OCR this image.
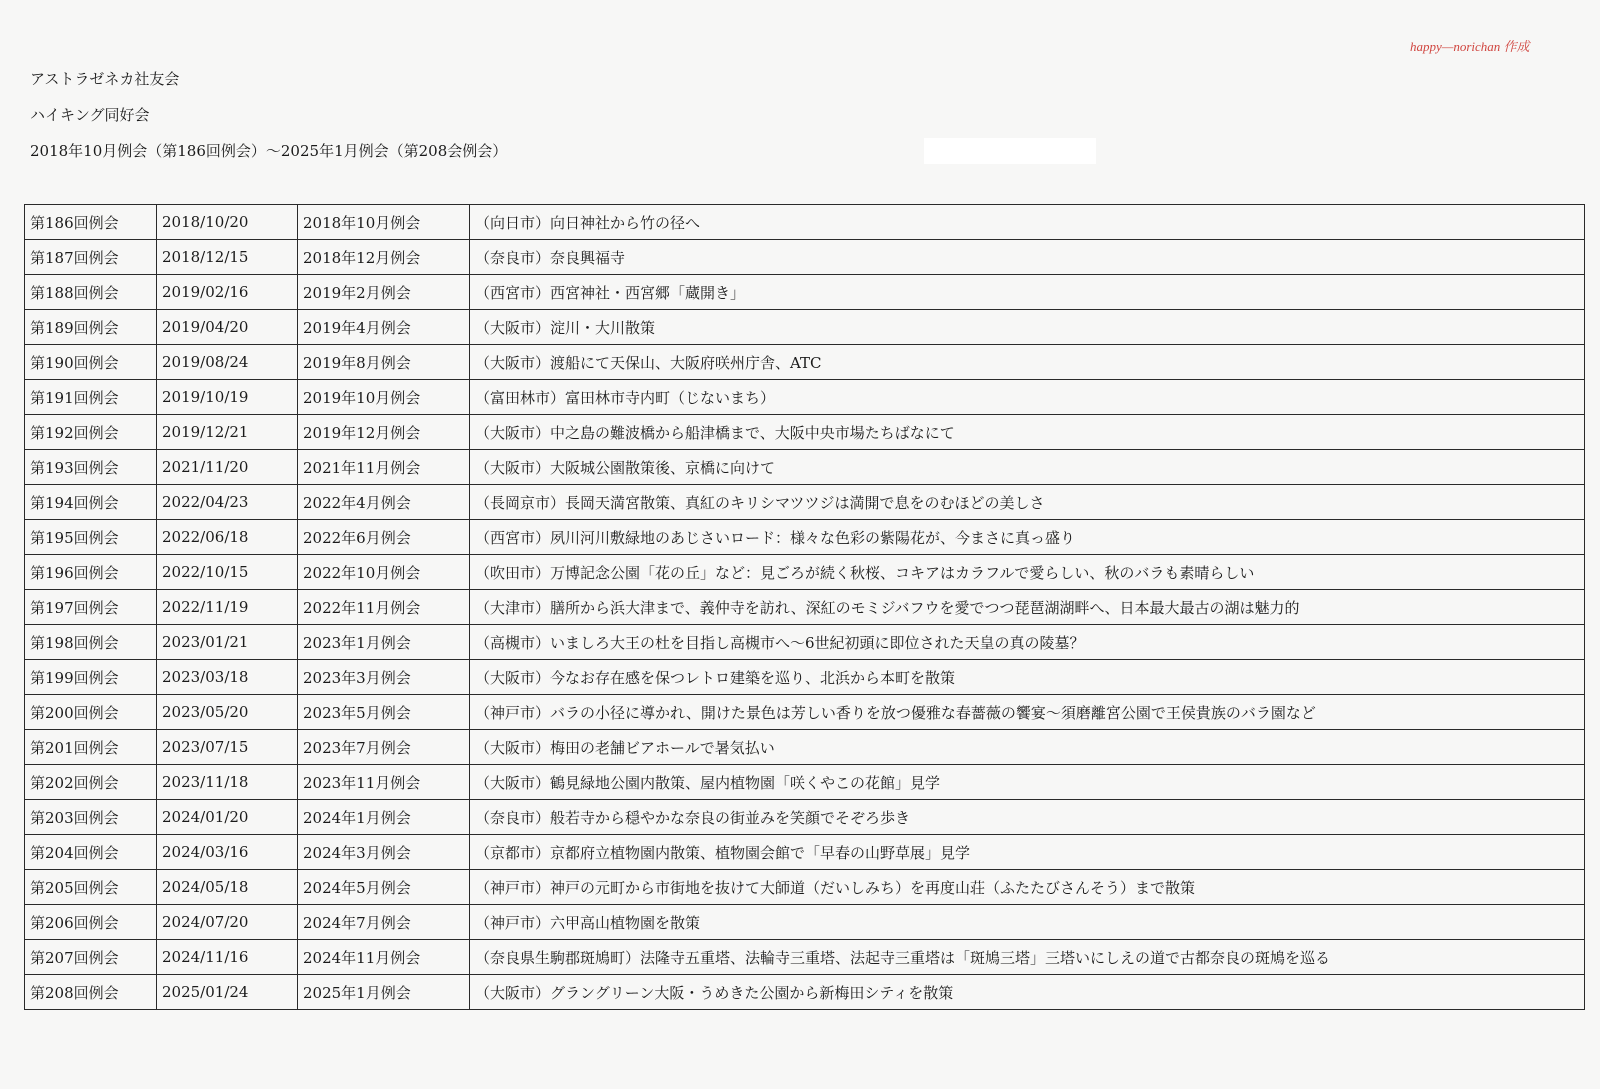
happy—norichan 作成
アストラゼネカ社友会
ハイキング同好会
2018年10月例会（第186回例会）～2025年1月例会（第208会例会）
第186回例会	2018/10/20	2018年10月例会	（向日市）向日神社から竹の径へ
第187回例会	2018/12/15	2018年12月例会	（奈良市）奈良興福寺
第188回例会	2019/02/16	2019年2月例会	（西宮市）西宮神社・西宮郷「蔵開き」
第189回例会	2019/04/20	2019年4月例会	（大阪市）淀川・大川散策
第190回例会	2019/08/24	2019年8月例会	（大阪市）渡船にて天保山、大阪府咲州庁舎、ATC
第191回例会	2019/10/19	2019年10月例会	（富田林市）富田林市寺内町（じないまち）
第192回例会	2019/12/21	2019年12月例会	（大阪市）中之島の難波橋から船津橋まで、大阪中央市場たちばなにて
第193回例会	2021/11/20	2021年11月例会	（大阪市）大阪城公園散策後、京橋に向けて
第194回例会	2022/04/23	2022年4月例会	（長岡京市）長岡天満宮散策、真紅のキリシマツツジは満開で息をのむほどの美しさ
第195回例会	2022/06/18	2022年6月例会	（西宮市）夙川河川敷緑地のあじさいロード：様々な色彩の紫陽花が、今まさに真っ盛り
第196回例会	2022/10/15	2022年10月例会	（吹田市）万博記念公園「花の丘」など：見ごろが続く秋桜、コキアはカラフルで愛らしい、秋のバラも素晴らしい
第197回例会	2022/11/19	2022年11月例会	（大津市）膳所から浜大津まで、義仲寺を訪れ、深紅のモミジバフウを愛でつつ琵琶湖湖畔へ、日本最大最古の湖は魅力的
第198回例会	2023/01/21	2023年1月例会	（高槻市）いましろ大王の杜を目指し高槻市へ～6世紀初頭に即位された天皇の真の陵墓？
第199回例会	2023/03/18	2023年3月例会	（大阪市）今なお存在感を保つレトロ建築を巡り、北浜から本町を散策
第200回例会	2023/05/20	2023年5月例会	（神戸市）バラの小径に導かれ、開けた景色は芳しい香りを放つ優雅な春薔薇の饗宴～須磨離宮公園で王侯貴族のバラ園など
第201回例会	2023/07/15	2023年7月例会	（大阪市）梅田の老舗ビアホールで暑気払い
第202回例会	2023/11/18	2023年11月例会	（大阪市）鶴見緑地公園内散策、屋内植物園「咲くやこの花館」見学
第203回例会	2024/01/20	2024年1月例会	（奈良市）般若寺から穏やかな奈良の街並みを笑顔でそぞろ歩き
第204回例会	2024/03/16	2024年3月例会	（京都市）京都府立植物園内散策、植物園会館で「早春の山野草展」見学
第205回例会	2024/05/18	2024年5月例会	（神戸市）神戸の元町から市街地を抜けて大師道（だいしみち）を再度山荘（ふたたびさんそう）まで散策
第206回例会	2024/07/20	2024年7月例会	（神戸市）六甲高山植物園を散策
第207回例会	2024/11/16	2024年11月例会	（奈良県生駒郡斑鳩町）法隆寺五重塔、法輪寺三重塔、法起寺三重塔は「斑鳩三塔」三塔いにしえの道で古都奈良の斑鳩を巡る
第208回例会	2025/01/24	2025年1月例会	（大阪市）グラングリーン大阪・うめきた公園から新梅田シティを散策
